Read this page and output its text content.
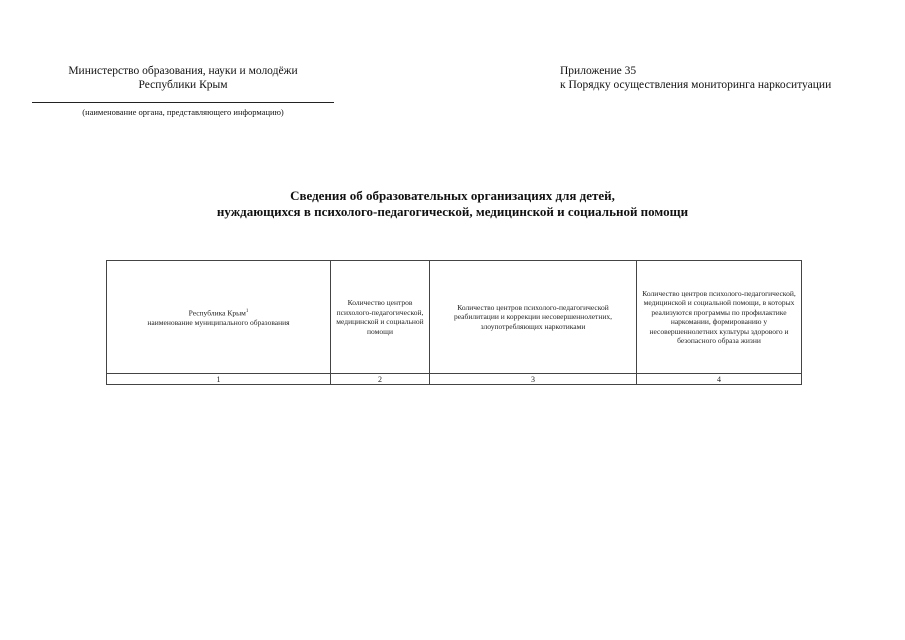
Министерство образования, науки и молодёжи
Республики Крым
(наименование органа, представляющего информацию)
Приложение 35
к Порядку осуществления мониторинга наркоситуации
Сведения об образовательных организациях для детей,
нуждающихся в психолого-педагогической, медицинской и социальной помощи
Республика Крым$^1$
наименование муниципального образования	Количество центров психолого-педагогической, медицинской и социальной помощи	Количество центров психолого-педагогической реабилитации и коррекции несовершеннолетних, злоупотребляющих наркотиками	Количество центров психолого-педагогической, медицинской и социальной помощи, в которых реализуются программы по профилактике наркомании, формированию у несовершеннолетних культуры здорового и безопасного образа жизни
1	2	3	4
